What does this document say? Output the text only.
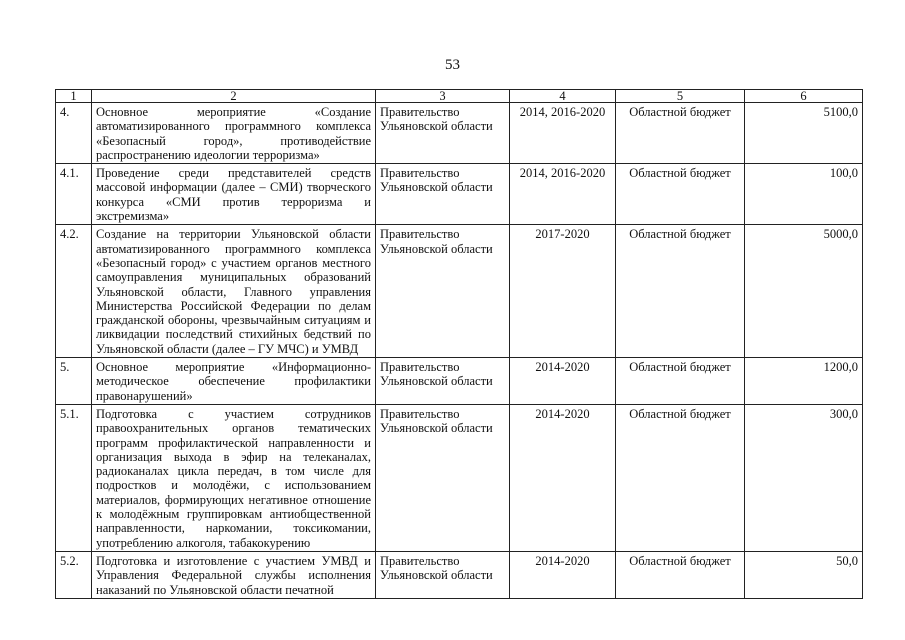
53
1	2	3	4	5	6
4.	Основное мероприятие «Создание автоматизированного программного комплекса «Безопасный город», противодействие распространению идеологии терроризма»	Правительство Ульяновской области	2014, 2016-2020	Областной бюджет	5100,0
4.1.	Проведение среди представителей средств массовой информации (далее – СМИ) творческого конкурса «СМИ против терроризма и экстремизма»	Правительство Ульяновской области	2014, 2016-2020	Областной бюджет	100,0
4.2.	Создание на территории Ульяновской области автоматизированного программного комплекса «Безопасный город» с участием органов местного самоуправления муниципальных образований Ульяновской области, Главного управления Министерства Российской Федерации по делам гражданской обороны, чрезвычайным ситуациям и ликвидации последствий стихийных бедствий по Ульяновской области (далее – ГУ МЧС) и УМВД	Правительство Ульяновской области	2017-2020	Областной бюджет	5000,0
5.	Основное мероприятие «Информационно-методическое обеспечение профилактики правонарушений»	Правительство Ульяновской области	2014-2020	Областной бюджет	1200,0
5.1.	Подготовка с участием сотрудников правоохранительных органов тематических программ профилактической направленности и организация выхода в эфир на телеканалах, радиоканалах цикла передач, в том числе для подростков и молодёжи, с использованием материалов, формирующих негативное отношение к молодёжным группировкам антиобщественной направленности, наркомании, токсикомании, употреблению алкоголя, табакокурению	Правительство Ульяновской области	2014-2020	Областной бюджет	300,0
5.2.	Подготовка и изготовление с участием УМВД и Управления Федеральной службы исполнения наказаний по Ульяновской области печатной	Правительство Ульяновской области	2014-2020	Областной бюджет	50,0
